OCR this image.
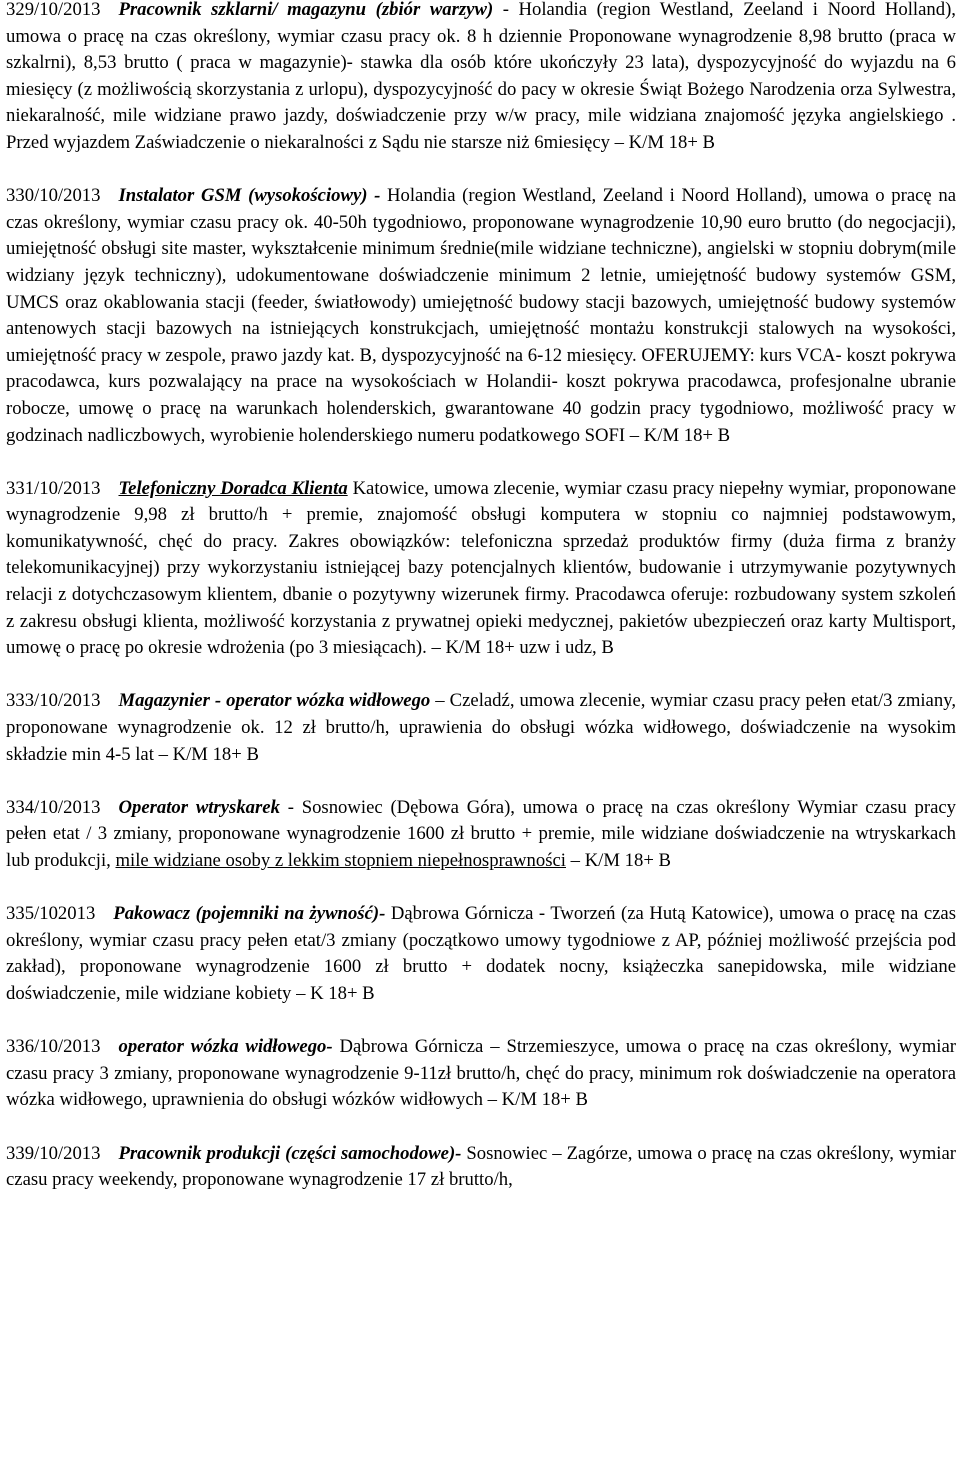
329/10/2013 Pracownik szklarni/ magazynu (zbiór warzyw) - Holandia (region Westland, Zeeland i Noord Holland), umowa o pracę na czas określony, wymiar czasu pracy ok. 8 h dziennie Proponowane wynagrodzenie 8,98 brutto (praca w szkalrni), 8,53 brutto ( praca w magazynie)- stawka dla osób które ukończyły 23 lata), dyspozycyjność do wyjazdu na 6 miesięcy (z możliwością skorzystania z urlopu), dyspozycyjność do pacy w okresie Świąt Bożego Narodzenia orza Sylwestra, niekaralność, mile widziane prawo jazdy, doświadczenie przy w/w pracy, mile widziana znajomość języka angielskiego . Przed wyjazdem Zaświadczenie o niekaralności z Sądu nie starsze niż 6miesięcy – K/M 18+ B

330/10/2013 Instalator GSM (wysokościowy) - Holandia (region Westland, Zeeland i Noord Holland), umowa o pracę na czas określony, wymiar czasu pracy ok. 40-50h tygodniowo, proponowane wynagrodzenie 10,90 euro brutto (do negocjacji), umiejętność obsługi site master, wykształcenie minimum średnie(mile widziane techniczne), angielski w stopniu dobrym(mile widziany język techniczny), udokumentowane doświadczenie minimum 2 letnie, umiejętność budowy systemów GSM, UMCS oraz okablowania stacji (feeder, światłowody) umiejętność budowy stacji bazowych, umiejętność budowy systemów antenowych stacji bazowych na istniejących konstrukcjach, umiejętność montażu konstrukcji stalowych na wysokości, umiejętność pracy w zespole, prawo jazdy kat. B, dyspozycyjność na 6-12 miesięcy. OFERUJEMY: kurs VCA- koszt pokrywa pracodawca, kurs pozwalający na prace na wysokościach w Holandii- koszt pokrywa pracodawca, profesjonalne ubranie robocze, umowę o pracę na warunkach holenderskich, gwarantowane 40 godzin pracy tygodniowo, możliwość pracy w godzinach nadliczbowych, wyrobienie holenderskiego numeru podatkowego SOFI – K/M 18+ B

331/10/2013 Telefoniczny Doradca Klienta Katowice, umowa zlecenie, wymiar czasu pracy niepełny wymiar, proponowane wynagrodzenie 9,98 zł brutto/h + premie, znajomość obsługi komputera w stopniu co najmniej podstawowym, komunikatywność, chęć do pracy. Zakres obowiązków: telefoniczna sprzedaż produktów firmy (duża firma z branży telekomunikacyjnej) przy wykorzystaniu istniejącej bazy potencjalnych klientów, budowanie i utrzymywanie pozytywnych relacji z dotychczasowym klientem, dbanie o pozytywny wizerunek firmy. Pracodawca oferuje: rozbudowany system szkoleń z zakresu obsługi klienta, możliwość korzystania z prywatnej opieki medycznej, pakietów ubezpieczeń oraz karty Multisport, umowę o pracę po okresie wdrożenia (po 3 miesiącach). – K/M 18+ uzw i udz, B

333/10/2013 Magazynier - operator wózka widłowego – Czeladź, umowa zlecenie, wymiar czasu pracy pełen etat/3 zmiany, proponowane wynagrodzenie ok. 12 zł brutto/h, uprawienia do obsługi wózka widłowego, doświadczenie na wysokim składzie min 4-5 lat – K/M 18+ B

334/10/2013 Operator wtryskarek - Sosnowiec (Dębowa Góra), umowa o pracę na czas określony Wymiar czasu pracy pełen etat / 3 zmiany, proponowane wynagrodzenie 1600 zł brutto + premie, mile widziane doświadczenie na wtryskarkach lub produkcji, mile widziane osoby z lekkim stopniem niepełnosprawności – K/M 18+ B

335/102013 Pakowacz (pojemniki na żywność)- Dąbrowa Górnicza - Tworzeń (za Hutą Katowice), umowa o pracę na czas określony, wymiar czasu pracy pełen etat/3 zmiany (początkowo umowy tygodniowe z AP, później możliwość przejścia pod zakład), proponowane wynagrodzenie 1600 zł brutto + dodatek nocny, książeczka sanepidowska, mile widziane doświadczenie, mile widziane kobiety – K 18+ B

336/10/2013 operator wózka widłowego- Dąbrowa Górnicza – Strzemieszyce, umowa o pracę na czas określony, wymiar czasu pracy 3 zmiany, proponowane wynagrodzenie 9-11zł brutto/h, chęć do pracy, minimum rok doświadczenie na operatora wózka widłowego, uprawnienia do obsługi wózków widłowych – K/M 18+ B

339/10/2013 Pracownik produkcji (części samochodowe)- Sosnowiec – Zagórze, umowa o pracę na czas określony, wymiar czasu pracy weekendy, proponowane wynagrodzenie 17 zł brutto/h,
